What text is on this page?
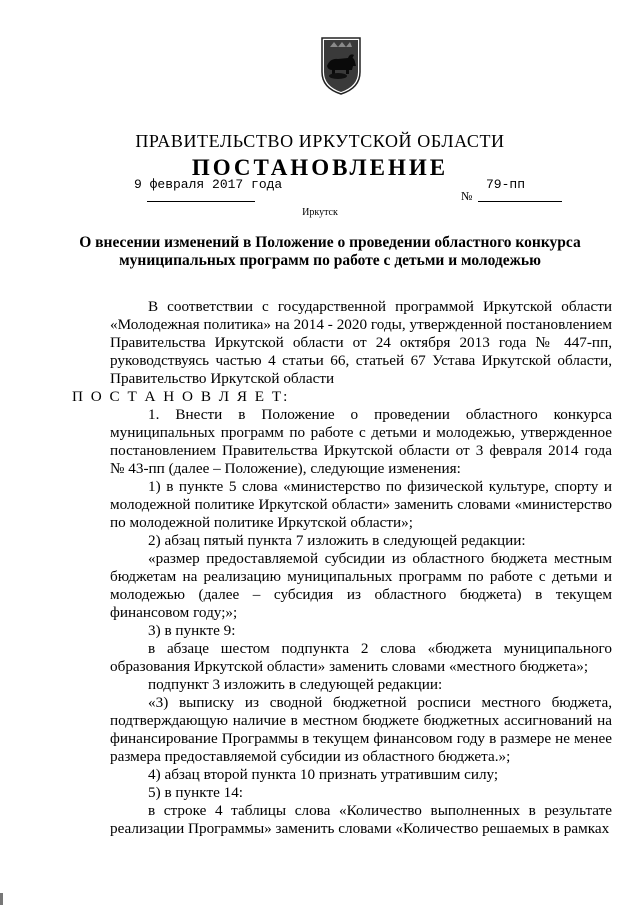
ПРАВИТЕЛЬСТВО ИРКУТСКОЙ ОБЛАСТИ
ПОСТАНОВЛЕНИЕ
9 февраля 2017 года
№
79-пп
Иркутск
О внесении изменений в Положение о проведении областного конкурса муниципальных программ по работе с детьми и молодежью

В соответствии с государственной программой Иркутской области «Молодежная политика» на 2014 - 2020 годы, утвержденной постановлением Правительства Иркутской области от 24 октября 2013 года № 447-пп, руководствуясь частью 4 статьи 66, статьей 67 Устава Иркутской области, Правительство Иркутской области

П О С Т А Н О В Л Я Е Т:

1. Внести в Положение о проведении областного конкурса муниципальных программ по работе с детьми и молодежью, утвержденное постановлением Правительства Иркутской области от 3 февраля 2014 года № 43-пп (далее – Положение), следующие изменения:

1) в пункте 5 слова «министерство по физической культуре, спорту и молодежной политике Иркутской области» заменить словами «министерство по молодежной политике Иркутской области»;

2) абзац пятый пункта 7 изложить в следующей редакции:

«размер предоставляемой субсидии из областного бюджета местным бюджетам на реализацию муниципальных программ по работе с детьми и молодежью (далее – субсидия из областного бюджета) в текущем финансовом году;»;

3) в пункте 9:

в абзаце шестом подпункта 2 слова «бюджета муниципального образования Иркутской области» заменить словами «местного бюджета»;

подпункт 3 изложить в следующей редакции:

«3) выписку из сводной бюджетной росписи местного бюджета, подтверждающую наличие в местном бюджете бюджетных ассигнований на финансирование Программы в текущем финансовом году в размере не менее размера предоставляемой субсидии из областного бюджета.»;

4) абзац второй пункта 10 признать утратившим силу;

5) в пункте 14:

в строке 4 таблицы слова «Количество выполненных в результате реализации Программы» заменить словами «Количество решаемых в рамках
